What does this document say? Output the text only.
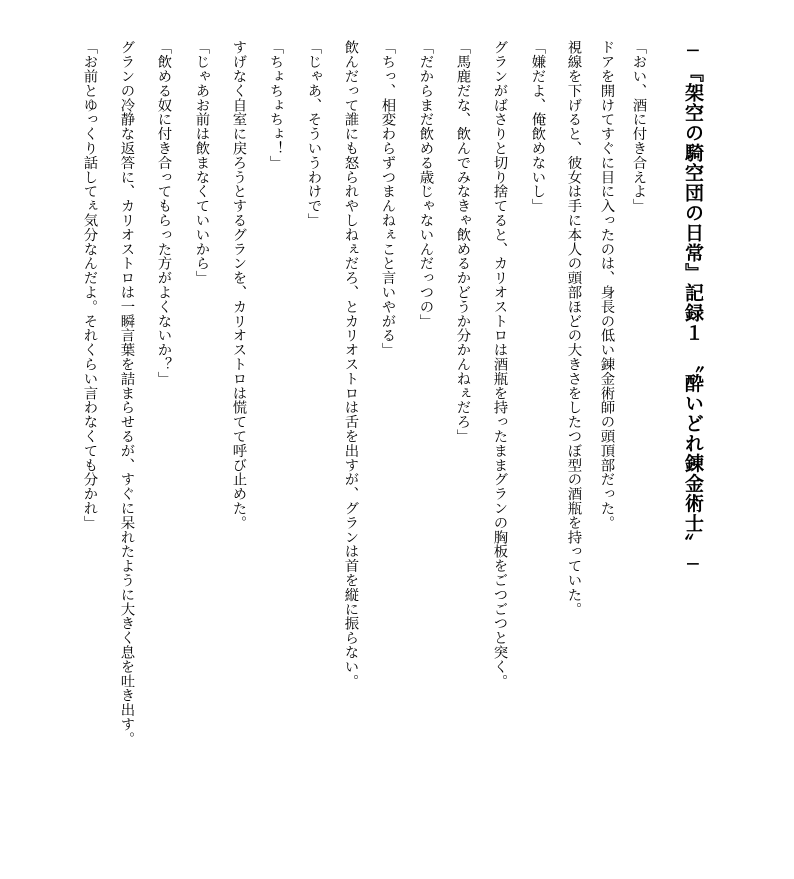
─『架空の騎空団の日常』記録１　〝酔いどれ錬金術士〟─
「おい、酒に付き合えよ」
ドアを開けてすぐに目に入ったのは、身長の低い錬金術師の頭頂部だった。
視線を下げると、彼女は手に本人の頭部ほどの大きさをしたつぼ型の酒瓶を持っていた。
「嫌だよ、俺飲めないし」
グランがばさりと切り捨てると、カリオストロは酒瓶を持ったままグランの胸板をごつごつと突く。
「馬鹿だな、飲んでみなきゃ飲めるかどうか分かんねぇだろ」
「だからまだ飲める歳じゃないんだっつの」
「ちっ、相変わらずつまんねぇこと言いやがる」
飲んだって誰にも怒られやしねぇだろ、とカリオストロは舌を出すが、グランは首を縦に振らない。
「じゃあ、そういうわけで」
「ちょちょちょ！」
すげなく自室に戻ろうとするグランを、カリオストロは慌てて呼び止めた。
「じゃあお前は飲まなくていいから」
「飲める奴に付き合ってもらった方がよくないか？」
グランの冷静な返答に、カリオストロは一瞬言葉を詰まらせるが、すぐに呆れたように大きく息を吐き出す。
「お前とゆっくり話してぇ気分なんだよ。それくらい言わなくても分かれ」
